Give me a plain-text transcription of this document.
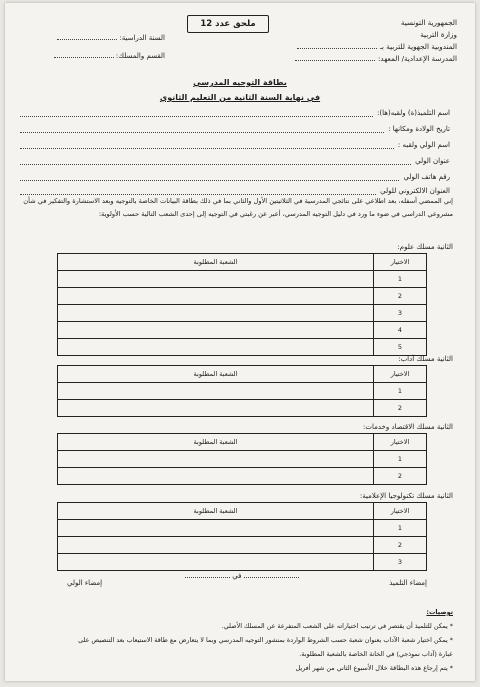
الجمهورية التونسية
وزارة التربية
المندوبية الجهوية للتربية بـ
المدرسة الإعدادية/ المعهد:
ملحق عدد 12
السنة الدراسية:
القسم والمسلك:
بطاقة التوجيه المدرسي
في نهاية السنة الثانية من التعليم الثانوي
اسم التلميذ(ة) ولقبه(ها):
تاريخ الولادة ومكانها :
اسم الولي ولقبه :
عنوان الولي
رقم هاتف الولي
العنوان الالكتروني للولي
إني الممضي أسفله، بعد اطلاعي على نتائجي المدرسية في الثلاثيتين الأول والثاني بما في ذلك بطاقة البيانات الخاصة بالتوجيه وبعد الاستشارة والتفكير في شأن مشروعي الدراسي في ضوء ما ورد في دليل التوجيه المدرسي، أعبر عن رغبتي في التوجيه إلى إحدى الشعب التالية حسب الأولوية:
الثانية مسلك علوم:
الاختيار	الشعبة المطلوبة
1	
2	
3	
4	
5	
الثانية مسلك آداب:
الاختيار	الشعبة المطلوبة
1	
2	
الثانية مسلك الاقتصاد وخدمات:
الاختيار	الشعبة المطلوبة
1	
2	
الثانية مسلك تكنولوجيا الإعلامية:
الاختيار	الشعبة المطلوبة
1	
2	
3	
في
إمضاء التلميذ
إمضاء الولي
توصيات:
* يمكن للتلميذ أن يقتصر في ترتيب اختياراته على الشعب المتفرعة عن المسلك الأصلي.
* يمكن اختيار شعبة الآداب بعنوان شعبة حسب الشروط الواردة بمنشور التوجيه المدرسي وبما لا يتعارض مع طاقة الاستيعاب بعد التنصيص على
عبارة (آداب نموذجي) في الخانة الخاصة بالشعبة المطلوبة.
* يتم إرجاع هذه البطاقة خلال الأسبوع الثاني من شهر أفريل
